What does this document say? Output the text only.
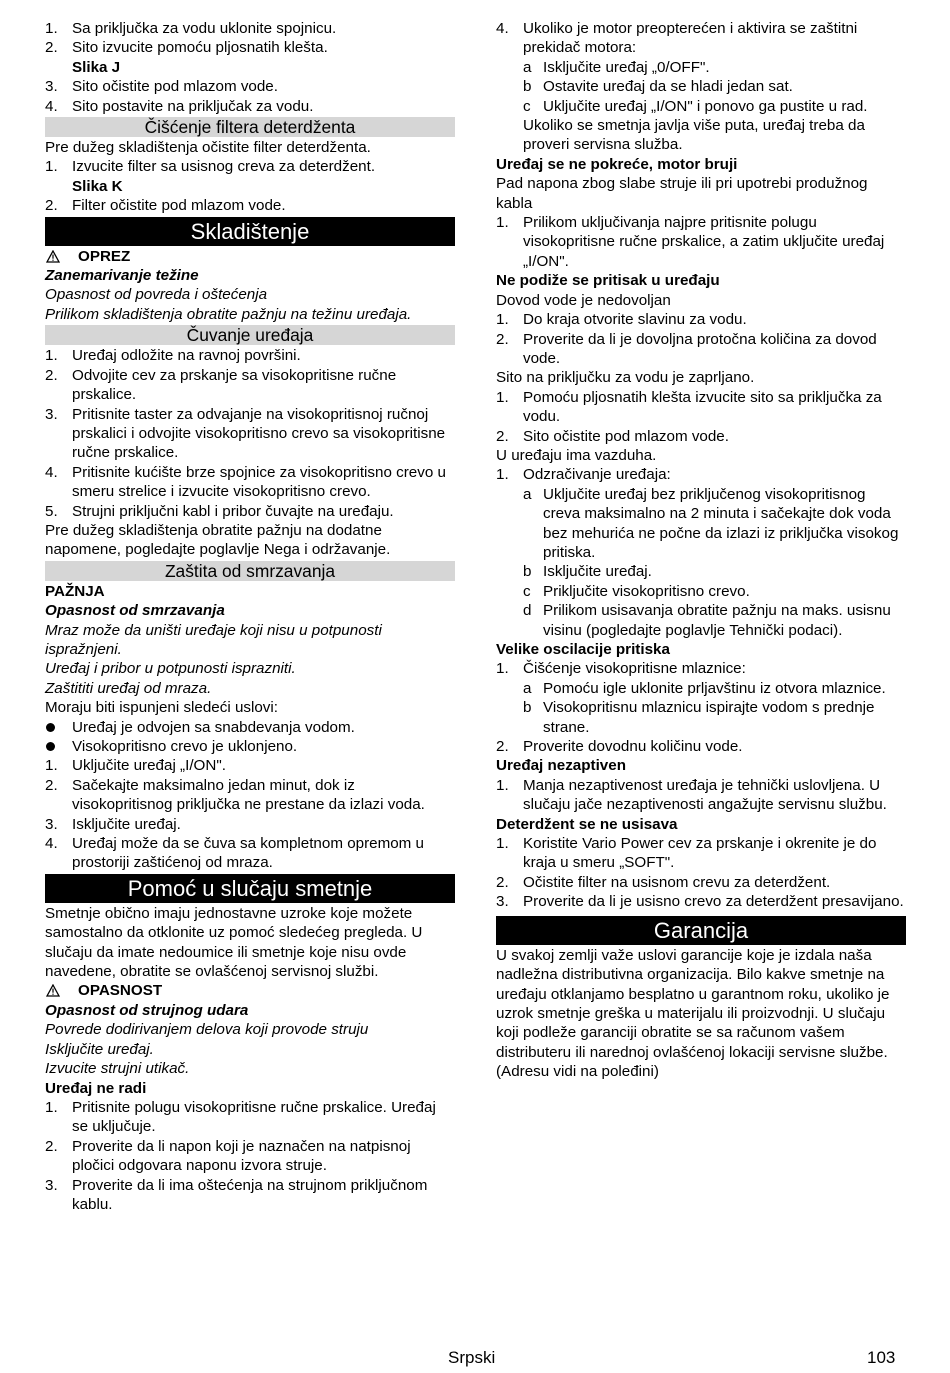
1. Sa priključka za vodu uklonite spojnicu.
2. Sito izvucite pomoću pljosnatih klešta.
Slika J
3. Sito očistite pod mlazom vode.
4. Sito postavite na priključak za vodu.
Čišćenje filtera deterdženta

Pre dužeg skladištenja očistite filter deterdženta.

1. Izvucite filter sa usisnog creva za deterdžent.
Slika K
2. Filter očistite pod mlazom vode.
Skladištenje
OPREZ

Zanemarivanje težine

Opasnost od povreda i oštećenja

Prilikom skladištenja obratite pažnju na težinu uređaja.

Čuvanje uređaja
1. Uređaj odložite na ravnoj površini.
2. Odvojite cev za prskanje sa visokopritisne ručne prskalice.
3. Pritisnite taster za odvajanje na visokopritisnoj ručnoj prskalici i odvojite visokopritisno crevo sa visokopritisne ručne prskalice.
4. Pritisnite kućište brze spojnice za visokopritisno crevo u smeru strelice i izvucite visokopritisno crevo.
5. Strujni priključni kabl i pribor čuvajte na uređaju.

Pre dužeg skladištenja obratite pažnju na dodatne napomene, pogledajte poglavlje Nega i održavanje.

Zaštita od smrzavanja

PAŽNJA

Opasnost od smrzavanja

Mraz može da uništi uređaje koji nisu u potpunosti ispražnjeni.

Uređaj i pribor u potpunosti isprazniti.

Zaštititi uređaj od mraza.

Moraju biti ispunjeni sledeći uslovi:

Uređaj je odvojen sa snabdevanja vodom.
Visokopritisno crevo je uklonjeno.
1. Uključite uređaj „I/ON".
2. Sačekajte maksimalno jedan minut, dok iz visokopritisnog priključka ne prestane da izlazi voda.
3. Isključite uređaj.
4. Uređaj može da se čuva sa kompletnom opremom u prostoriji zaštićenoj od mraza.
Pomoć u slučaju smetnje

Smetnje obično imaju jednostavne uzroke koje možete samostalno da otklonite uz pomoć sledećeg pregleda. U slučaju da imate nedoumice ili smetnje koje nisu ovde navedene, obratite se ovlašćenoj servisnoj službi.

OPASNOST

Opasnost od strujnog udara

Povrede dodirivanjem delova koji provode struju

Isključite uređaj.

Izvucite strujni utikač.

Uređaj ne radi

1. Pritisnite polugu visokopritisne ručne prskalice. Uređaj se uključuje.
2. Proverite da li napon koji je naznačen na natpisnoj pločici odgovara naponu izvora struje.
3. Proverite da li ima oštećenja na strujnom priključnom kablu.
4. Ukoliko je motor preopterećen i aktivira se zaštitni prekidač motora:
a Isključite uređaj „0/OFF".
b Ostavite uređaj da se hladi jedan sat.
c Uključite uređaj „I/ON" i ponovo ga pustite u rad. Ukoliko se smetnja javlja više puta, uređaj treba da proveri servisna služba.

Uređaj se ne pokreće, motor bruji

Pad napona zbog slabe struje ili pri upotrebi produžnog kabla

1. Prilikom uključivanja najpre pritisnite polugu visokopritisne ručne prskalice, a zatim uključite uređaj „I/ON".

Ne podiže se pritisak u uređaju

Dovod vode je nedovoljan

1. Do kraja otvorite slavinu za vodu.
2. Proverite da li je dovoljna protočna količina za dovod vode.

Sito na priključku za vodu je zaprljano.

1. Pomoću pljosnatih klešta izvucite sito sa priključka za vodu.
2. Sito očistite pod mlazom vode.

U uređaju ima vazduha.

1. Odzračivanje uređaja:
a Uključite uređaj bez priključenog visokopritisnog creva maksimalno na 2 minuta i sačekajte dok voda bez mehurića ne počne da izlazi iz priključka visokog pritiska.
b Isključite uređaj.
c Priključite visokopritisno crevo.
d Prilikom usisavanja obratite pažnju na maks. usisnu visinu (pogledajte poglavlje Tehnički podaci).

Velike oscilacije pritiska

1. Čišćenje visokopritisne mlaznice:
a Pomoću igle uklonite prljavštinu iz otvora mlaznice.
b Visokopritisnu mlaznicu ispirajte vodom s prednje strane.
2. Proverite dovodnu količinu vode.

Uređaj nezaptiven

1. Manja nezaptivenost uređaja je tehnički uslovljena. U slučaju jače nezaptivenosti angažujte servisnu službu.

Deterdžent se ne usisava

1. Koristite Vario Power cev za prskanje i okrenite je do kraja u smeru „SOFT".
2. Očistite filter na usisnom crevu za deterdžent.
3. Proverite da li je usisno crevo za deterdžent presavijano.
Garancija

U svakoj zemlji važe uslovi garancije koje je izdala naša nadležna distributivna organizacija. Bilo kakve smetnje na uređaju otklanjamo besplatno u garantnom roku, ukoliko je uzrok smetnje greška u materijalu ili proizvodnji. U slučaju koji podleže garanciji obratite se sa računom vašem distributeru ili narednoj ovlašćenoj lokaciji servisne službe.

(Adresu vidi na poleđini)

Srpski	103
